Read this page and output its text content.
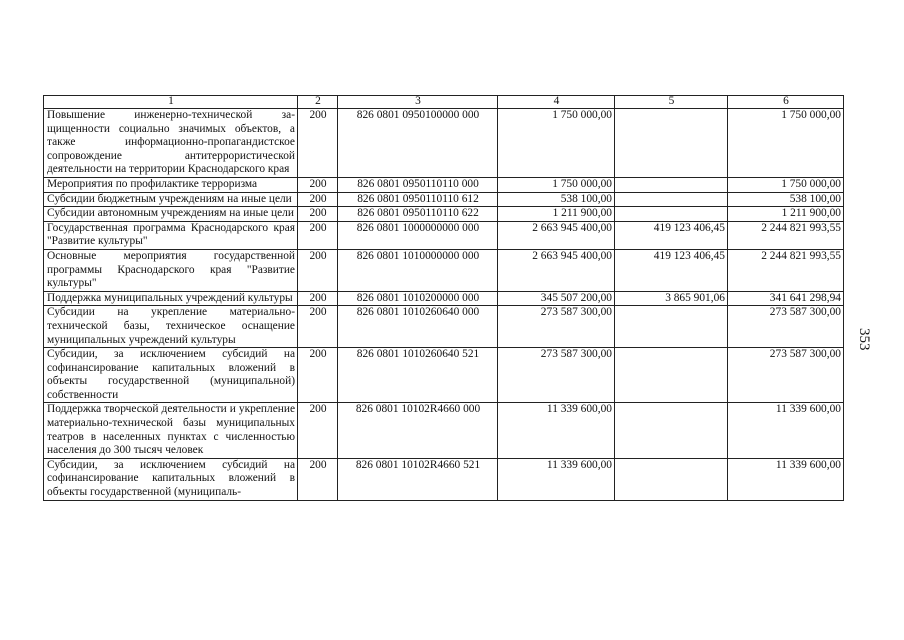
1	2	3	4	5	6
Повышение инженерно-технической защищенности социально значимых объектов, а также информационно-пропагандистское сопровождение антитеррористической деятельности на территории Краснодарского края	200	826 0801 0950100000 000	1 750 000,00		1 750 000,00
Мероприятия по профилактике терроризма	200	826 0801 0950110110 000	1 750 000,00		1 750 000,00
Субсидии бюджетным учреждениям на иные цели	200	826 0801 0950110110 612	538 100,00		538 100,00
Субсидии автономным учреждениям на иные цели	200	826 0801 0950110110 622	1 211 900,00		1 211 900,00
Государственная программа Краснодарского края "Развитие культуры"	200	826 0801 1000000000 000	2 663 945 400,00	419 123 406,45	2 244 821 993,55
Основные мероприятия государственной программы Краснодарского края "Развитие культуры"	200	826 0801 1010000000 000	2 663 945 400,00	419 123 406,45	2 244 821 993,55
Поддержка муниципальных учреждений культуры	200	826 0801 1010200000 000	345 507 200,00	3 865 901,06	341 641 298,94
Субсидии на укрепление материально-технической базы, техническое оснащение муниципальных учреждений культуры	200	826 0801 1010260640 000	273 587 300,00		273 587 300,00
Субсидии, за исключением субсидий на софинансирование капитальных вложений в объекты государственной (муниципальной) собственности	200	826 0801 1010260640 521	273 587 300,00		273 587 300,00
Поддержка творческой деятельности и укрепление материально-технической базы муниципальных театров в населенных пунктах с численностью населения до 300 тысяч человек	200	826 0801 10102R4660 000	11 339 600,00		11 339 600,00
Субсидии, за исключением субсидий на софинансирование капитальных вложений в объекты государственной (муниципаль-	200	826 0801 10102R4660 521	11 339 600,00		11 339 600,00
353
